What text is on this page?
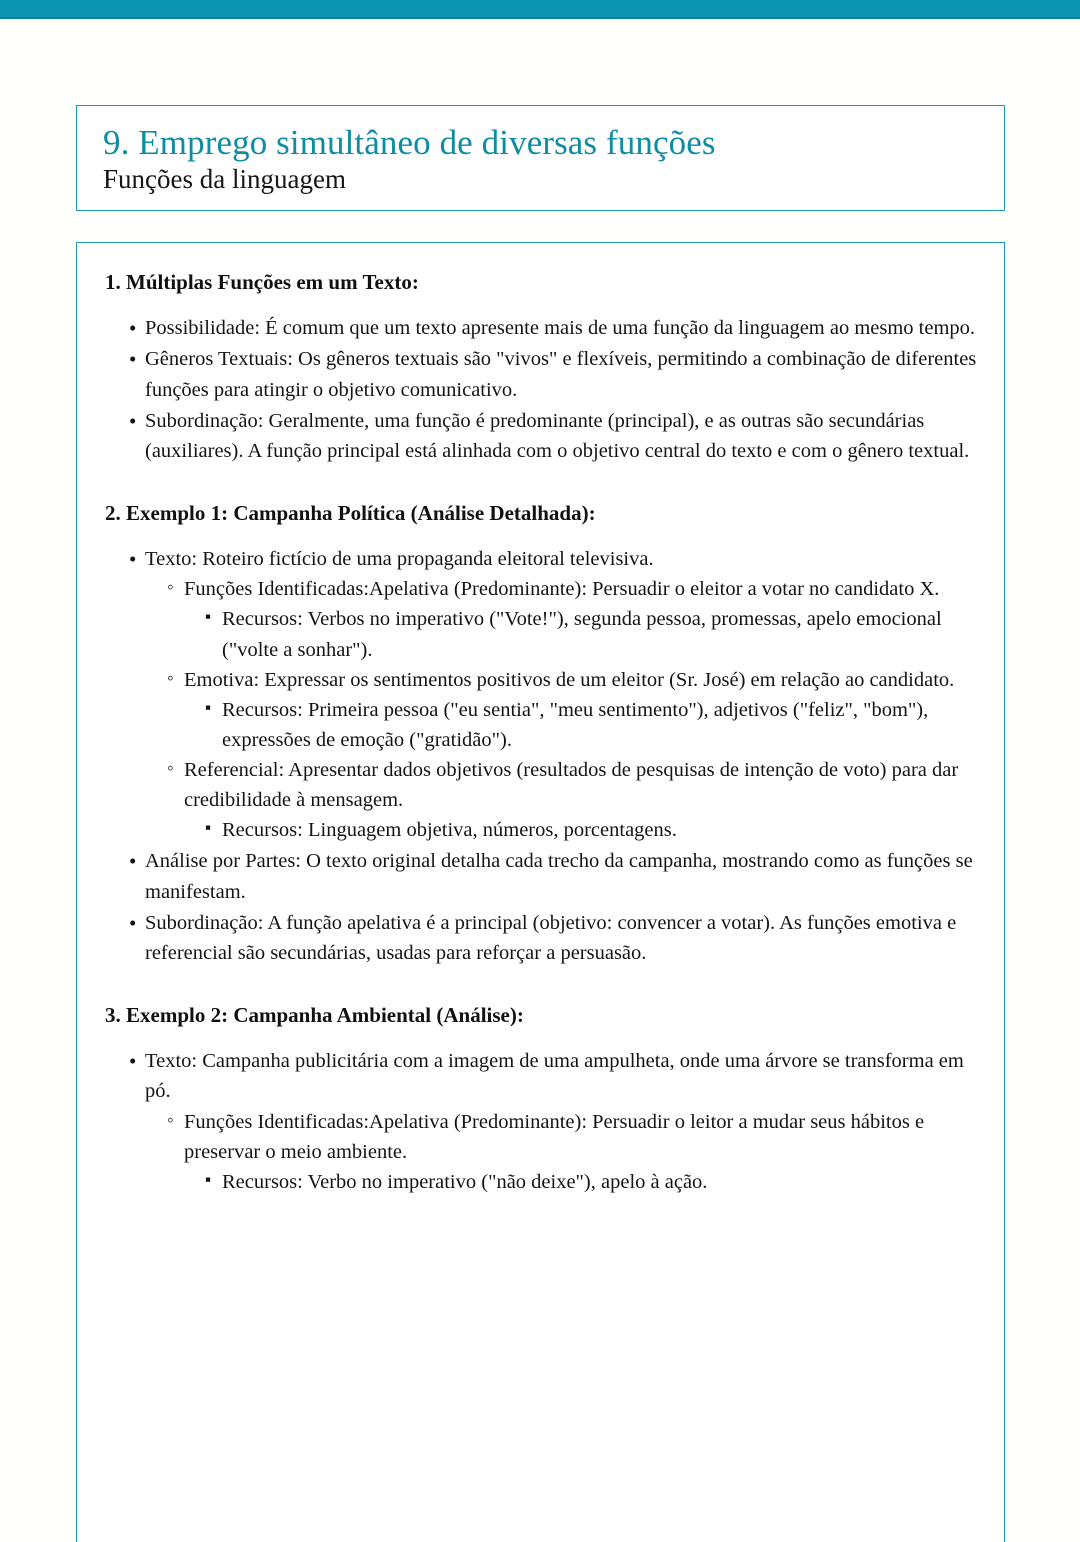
9. Emprego simultâneo de diversas funções
Funções da linguagem
1. Múltiplas Funções em um Texto:
• Possibilidade: É comum que um texto apresente mais de uma função da linguagem ao mesmo tempo.
• Gêneros Textuais: Os gêneros textuais são "vivos" e flexíveis, permitindo a combinação de diferentes funções para atingir o objetivo comunicativo.
• Subordinação: Geralmente, uma função é predominante (principal), e as outras são secundárias (auxiliares). A função principal está alinhada com o objetivo central do texto e com o gênero textual.
2. Exemplo 1: Campanha Política (Análise Detalhada):
• Texto: Roteiro fictício de uma propaganda eleitoral televisiva.
◦ Funções Identificadas:Apelativa (Predominante): Persuadir o eleitor a votar no candidato X.
▪ Recursos: Verbos no imperativo ("Vote!"), segunda pessoa, promessas, apelo emocional ("volte a sonhar").
◦ Emotiva: Expressar os sentimentos positivos de um eleitor (Sr. José) em relação ao candidato.
▪ Recursos: Primeira pessoa ("eu sentia", "meu sentimento"), adjetivos ("feliz", "bom"), expressões de emoção ("gratidão").
◦ Referencial: Apresentar dados objetivos (resultados de pesquisas de intenção de voto) para dar credibilidade à mensagem.
▪ Recursos: Linguagem objetiva, números, porcentagens.
• Análise por Partes: O texto original detalha cada trecho da campanha, mostrando como as funções se manifestam.
• Subordinação: A função apelativa é a principal (objetivo: convencer a votar). As funções emotiva e referencial são secundárias, usadas para reforçar a persuasão.
3. Exemplo 2: Campanha Ambiental (Análise):
• Texto: Campanha publicitária com a imagem de uma ampulheta, onde uma árvore se transforma em pó.
◦ Funções Identificadas:Apelativa (Predominante): Persuadir o leitor a mudar seus hábitos e preservar o meio ambiente.
▪ Recursos: Verbo no imperativo ("não deixe"), apelo à ação.
